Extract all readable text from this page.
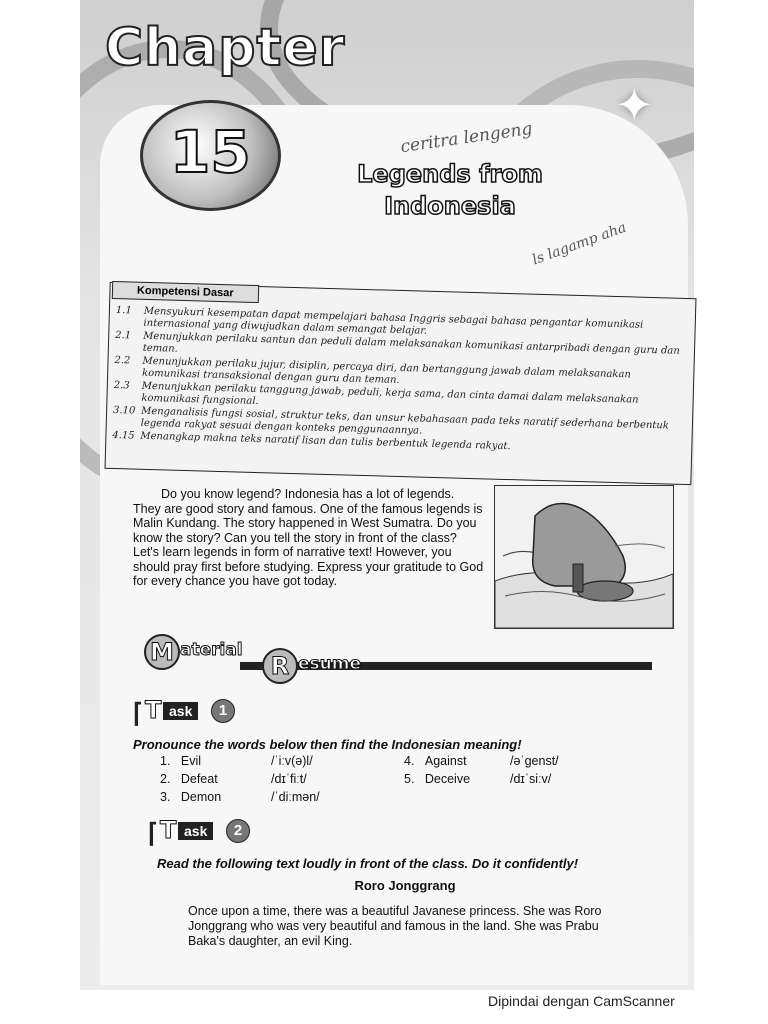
Chapter
15
✦
Legends from
Indonesia
ceritra lengeng
ls lagamp aha
Kompetensi Dasar
1.1	Mensyukuri kesempatan dapat mempelajari bahasa Inggris sebagai bahasa pengantar komunikasi internasional yang diwujudkan dalam semangat belajar.
2.1	Menunjukkan perilaku santun dan peduli dalam melaksanakan komunikasi antarpribadi dengan guru dan teman.
2.2	Menunjukkan perilaku jujur, disiplin, percaya diri, dan bertanggung jawab dalam melaksanakan komunikasi transaksional dengan guru dan teman.
2.3	Menunjukkan perilaku tanggung jawab, peduli, kerja sama, dan cinta damai dalam melaksanakan komunikasi fungsional.
3.10 Menganalisis fungsi sosial, struktur teks, dan unsur kebahasaan pada teks naratif sederhana berbentuk legenda rakyat sesuai dengan konteks penggunaannya.
4.15 Menangkap makna teks naratif lisan dan tulis berbentuk legenda rakyat.

Do you know legend? Indonesia has a lot of legends. They are good story and famous. One of the famous legends is Malin Kundang. The story happened in West Sumatra. Do you know the story? Can you tell the story in front of the class? Let's learn legends in form of narrative text! However, you should pray first before studying. Express your gratitude to God for every chance you have got today.

M aterial
R esume
⌈ T ask	1
Pronounce the words below then find the Indonesian meaning!
1. Evil	/ˈiːv(ə)l/
2. Defeat	/dɪˈfiːt/
3. Demon	/ˈdiːmən/
4. Against	/əˈgenst/
5. Deceive	/dɪˈsiːv/
⌈ T ask	2
Read the following text loudly in front of the class. Do it confidently!
Roro Jonggrang

Once upon a time, there was a beautiful Javanese princess. She was Roro Jonggrang who was very beautiful and famous in the land. She was Prabu Baka's daughter, an evil King.

Dipindai dengan CamScanner
